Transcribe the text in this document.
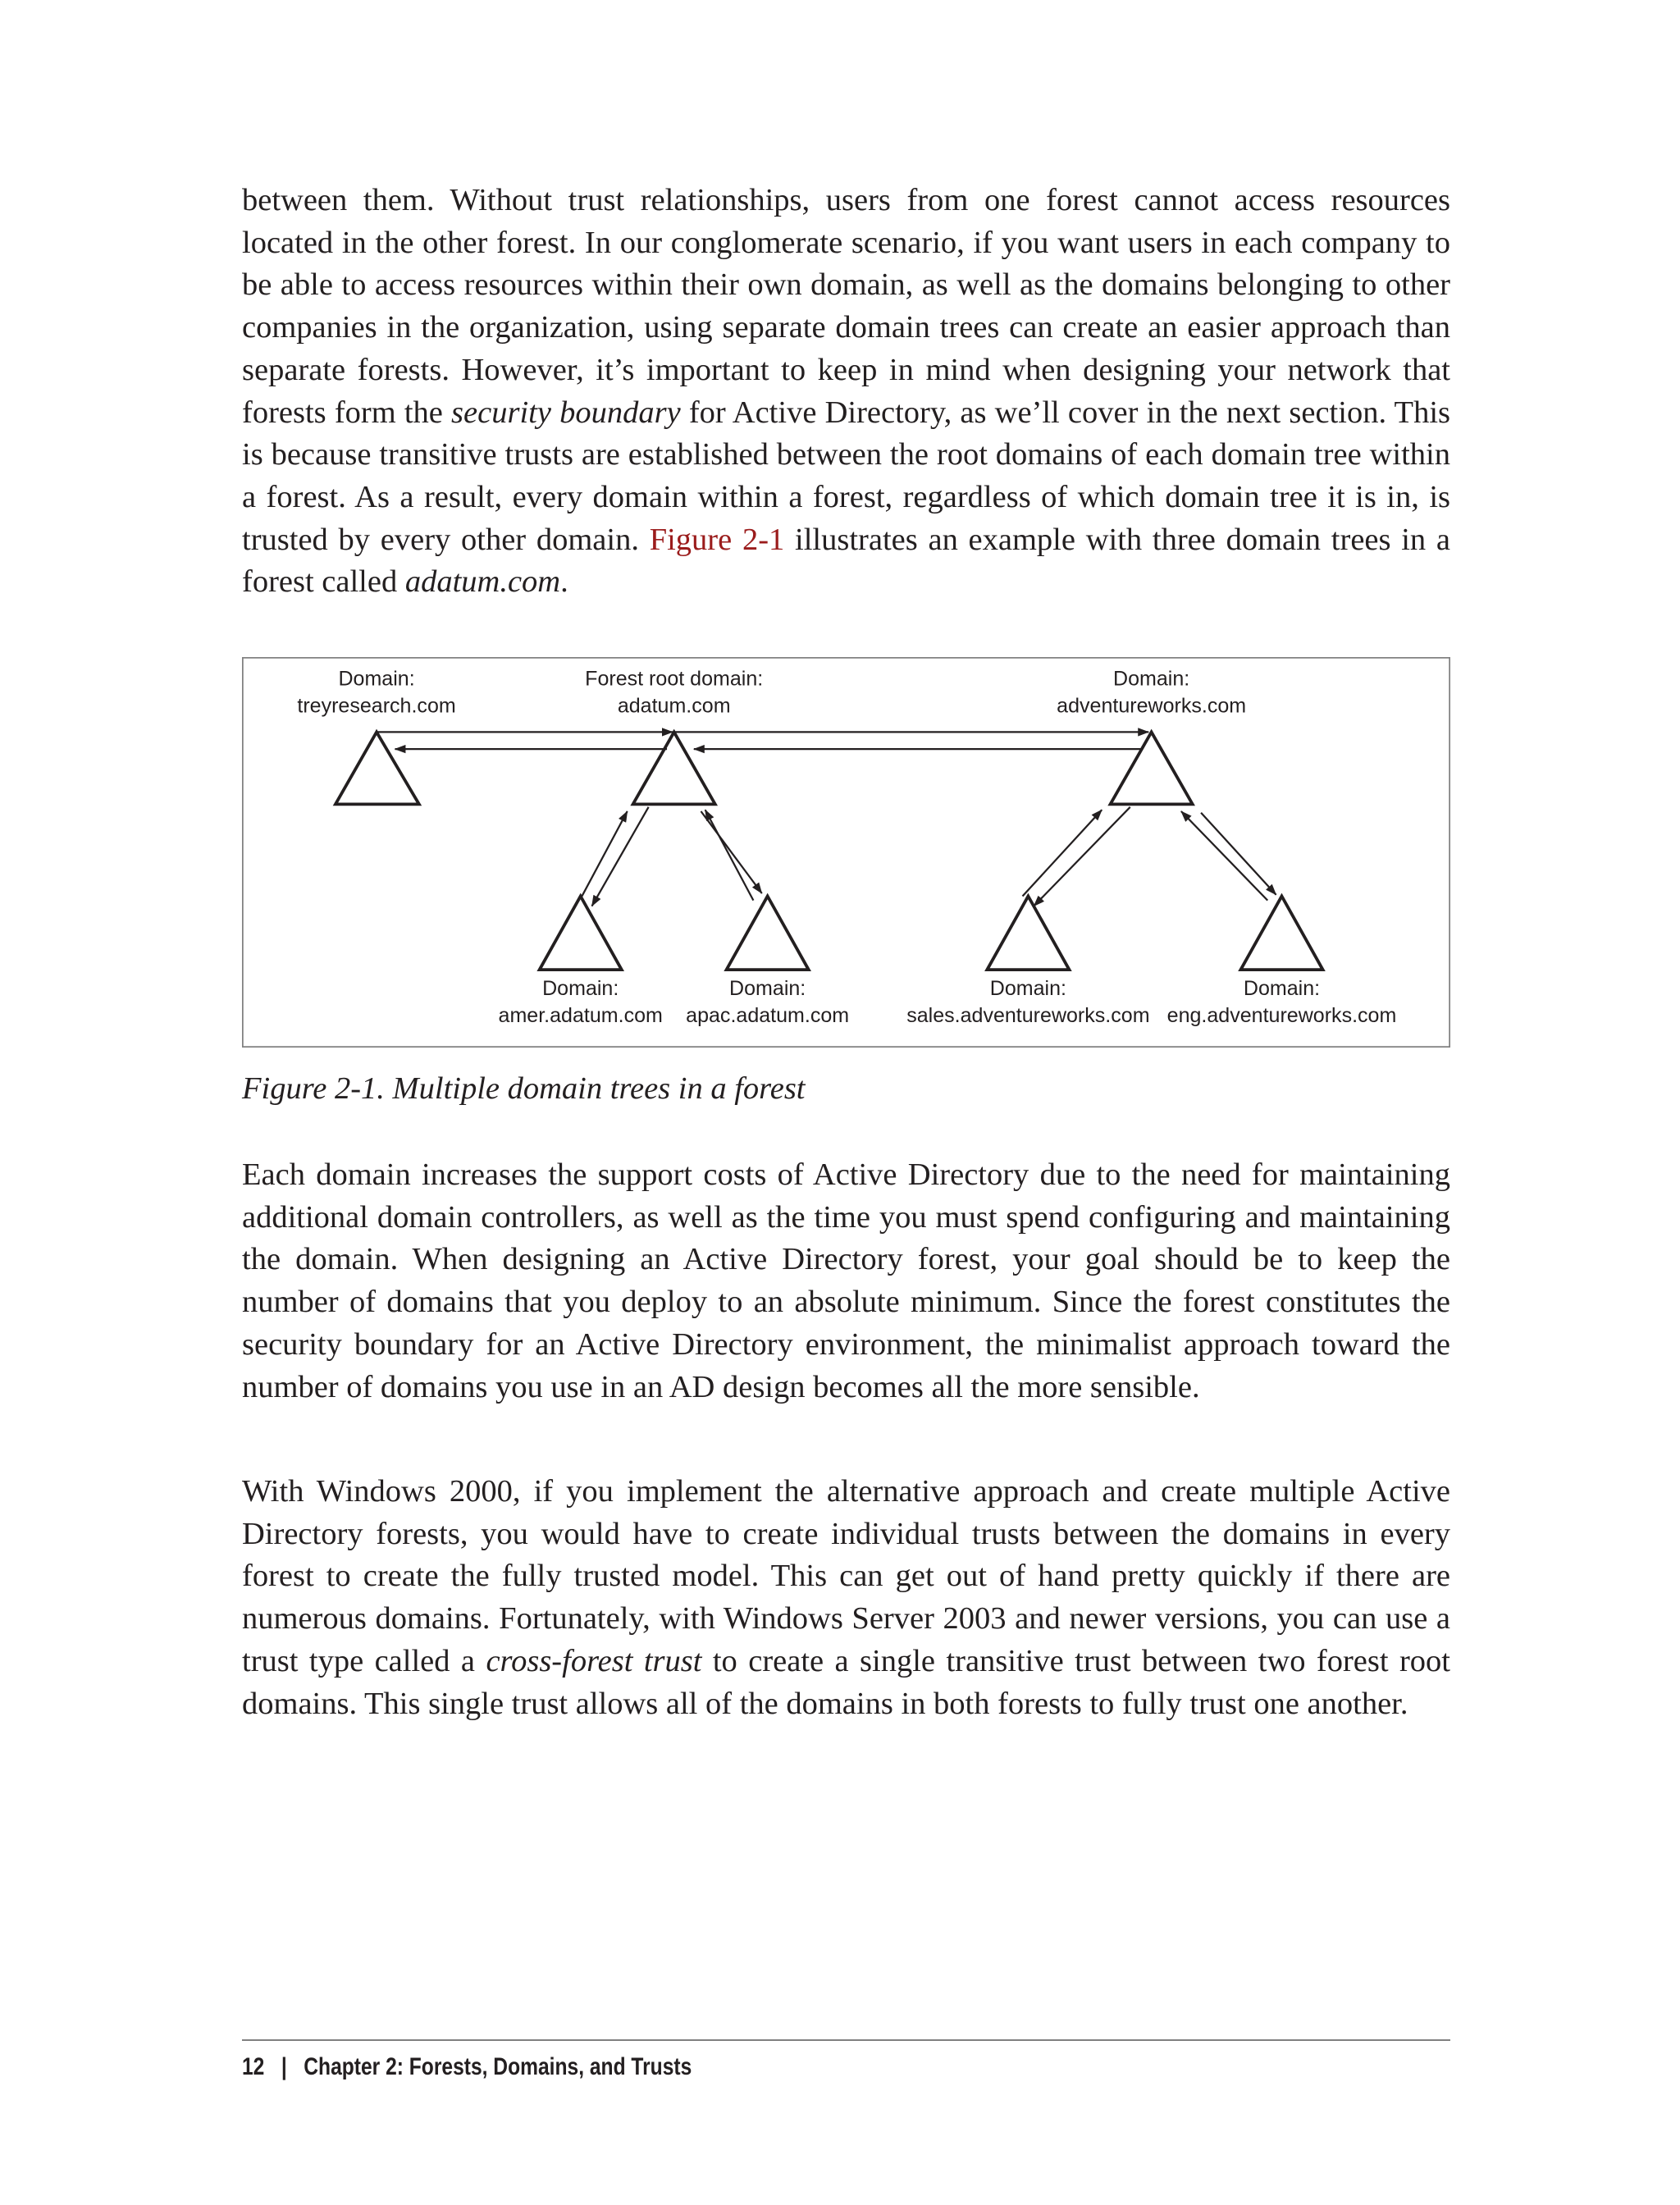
between them. Without trust relationships, users from one forest cannot access resources located in the other forest. In our conglomerate scenario, if you want users in each company to be able to access resources within their own domain, as well as the domains belonging to other companies in the organization, using separate domain trees can create an easier approach than separate forests. However, it’s important to keep in mind when designing your network that forests form the security boundary for Active Directory, as we’ll cover in the next section. This is because transitive trusts are established between the root domains of each domain tree within a forest. As a result, every domain within a forest, regardless of which domain tree it is in, is trusted by every other domain. Figure 2-1 illustrates an example with three domain trees in a forest called adatum.com.

Domain:
treyresearch.com
Forest root domain:
adatum.com
Domain:
adventureworks.com
Domain:
amer.adatum.com
Domain:
apac.adatum.com
Domain:
sales.adventureworks.com
Domain:
eng.adventureworks.com

Figure 2-1. Multiple domain trees in a forest

Each domain increases the support costs of Active Directory due to the need for maintaining additional domain controllers, as well as the time you must spend configuring and maintaining the domain. When designing an Active Directory forest, your goal should be to keep the number of domains that you deploy to an absolute minimum. Since the forest constitutes the security boundary for an Active Directory environment, the minimalist approach toward the number of domains you use in an AD design becomes all the more sensible.

With Windows 2000, if you implement the alternative approach and create multiple Active Directory forests, you would have to create individual trusts between the domains in every forest to create the fully trusted model. This can get out of hand pretty quickly if there are numerous domains. Fortunately, with Windows Server 2003 and newer versions, you can use a trust type called a cross-forest trust to create a single transitive trust between two forest root domains. This single trust allows all of the domains in both forests to fully trust one another.

12 | Chapter 2: Forests, Domains, and Trusts
